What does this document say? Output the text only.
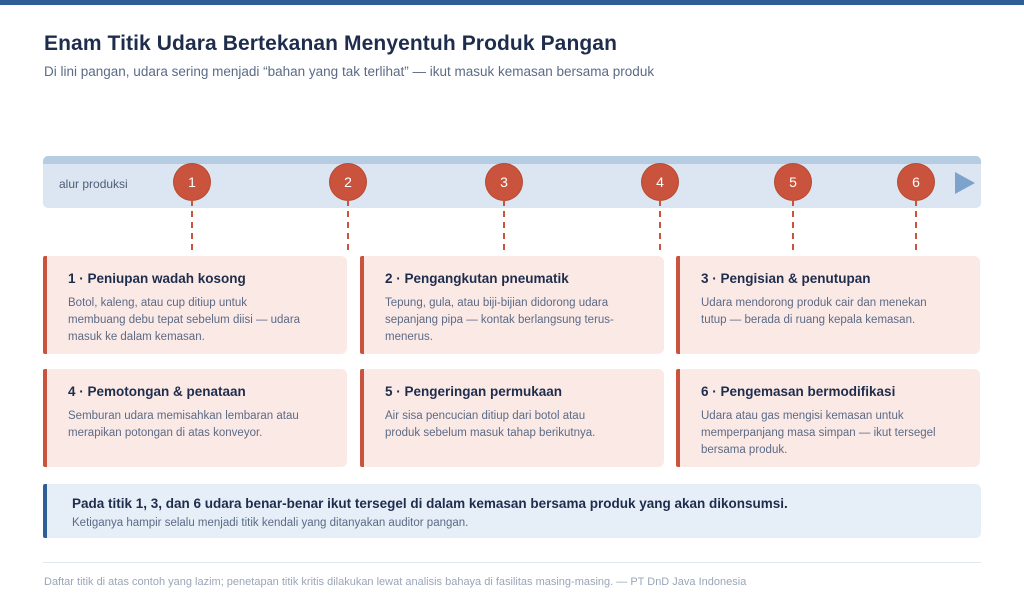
Enam Titik Udara Bertekanan Menyentuh Produk Pangan
Di lini pangan, udara sering menjadi “bahan yang tak terlihat” — ikut masuk kemasan bersama produk
alur produksi	1	2	3	4	5	6
1 · Peniupan wadah kosong
Botol, kaleng, atau cup ditiup untuk membuang debu tepat sebelum diisi — udara masuk ke dalam kemasan.
2 · Pengangkutan pneumatik
Tepung, gula, atau biji-bijian didorong udara sepanjang pipa — kontak berlangsung terus-menerus.
3 · Pengisian & penutupan
Udara mendorong produk cair dan menekan tutup — berada di ruang kepala kemasan.
4 · Pemotongan & penataan
Semburan udara memisahkan lembaran atau merapikan potongan di atas konveyor.
5 · Pengeringan permukaan
Air sisa pencucian ditiup dari botol atau produk sebelum masuk tahap berikutnya.
6 · Pengemasan bermodifikasi
Udara atau gas mengisi kemasan untuk memperpanjang masa simpan — ikut tersegel bersama produk.
Pada titik 1, 3, dan 6 udara benar-benar ikut tersegel di dalam kemasan bersama produk yang akan dikonsumsi.
Ketiganya hampir selalu menjadi titik kendali yang ditanyakan auditor pangan.
Daftar titik di atas contoh yang lazim; penetapan titik kritis dilakukan lewat analisis bahaya di fasilitas masing-masing. — PT DnD Java Indonesia
